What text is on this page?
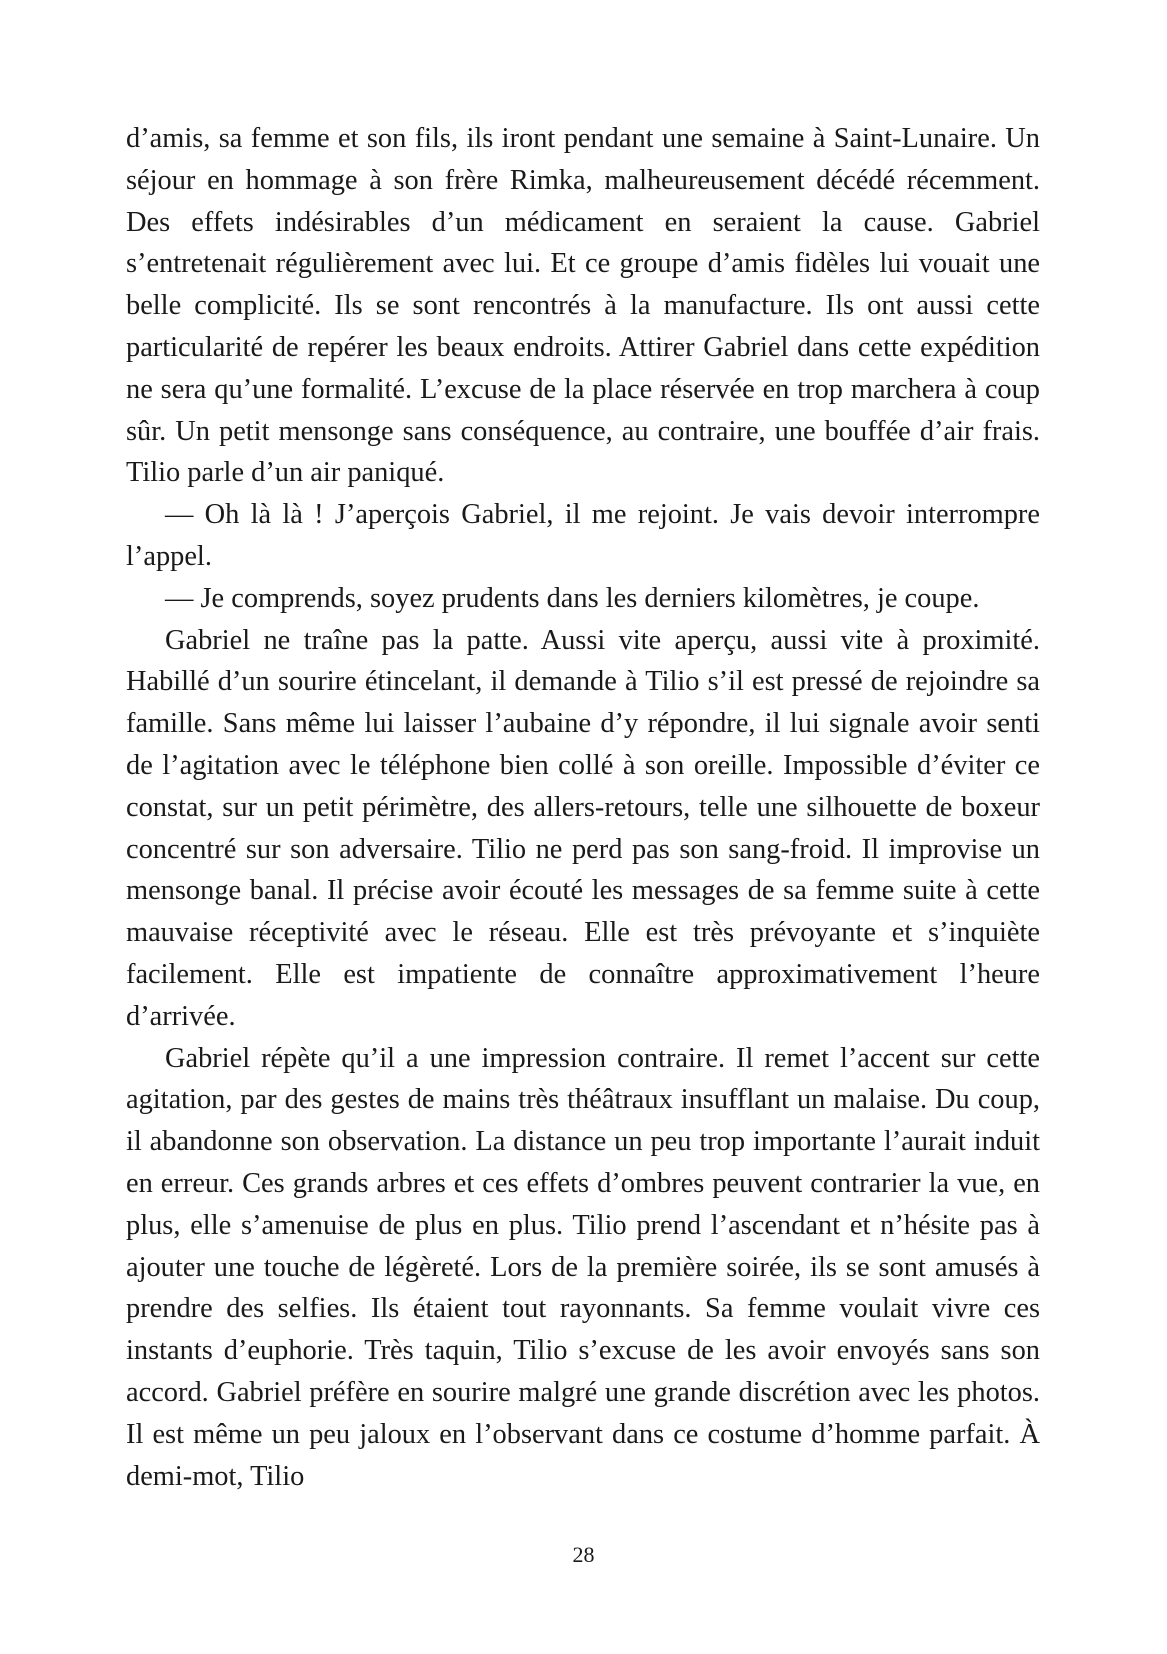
d’amis, sa femme et son fils, ils iront pendant une semaine à Saint-Lunaire. Un séjour en hommage à son frère Rimka, malheureusement décédé récemment. Des effets indésirables d’un médicament en seraient la cause. Gabriel s’entretenait régulièrement avec lui. Et ce groupe d’amis fidèles lui vouait une belle complicité. Ils se sont rencontrés à la manufacture. Ils ont aussi cette particularité de repérer les beaux endroits. Attirer Gabriel dans cette expédition ne sera qu’une formalité. L’excuse de la place réservée en trop marchera à coup sûr. Un petit mensonge sans conséquence, au contraire, une bouffée d’air frais. Tilio parle d’un air paniqué.

— Oh là là ! J’aperçois Gabriel, il me rejoint. Je vais devoir interrompre l’appel.

— Je comprends, soyez prudents dans les derniers kilomètres, je coupe.

Gabriel ne traîne pas la patte. Aussi vite aperçu, aussi vite à proximité. Habillé d’un sourire étincelant, il demande à Tilio s’il est pressé de rejoindre sa famille. Sans même lui laisser l’aubaine d’y répondre, il lui signale avoir senti de l’agitation avec le téléphone bien collé à son oreille. Impossible d’éviter ce constat, sur un petit périmètre, des allers-retours, telle une silhouette de boxeur concentré sur son adversaire. Tilio ne perd pas son sang-froid. Il improvise un mensonge banal. Il précise avoir écouté les messages de sa femme suite à cette mauvaise réceptivité avec le réseau. Elle est très prévoyante et s’inquiète facilement. Elle est impatiente de connaître approximativement l’heure d’arrivée.

Gabriel répète qu’il a une impression contraire. Il remet l’accent sur cette agitation, par des gestes de mains très théâtraux insufflant un malaise. Du coup, il abandonne son observation. La distance un peu trop importante l’aurait induit en erreur. Ces grands arbres et ces effets d’ombres peuvent contrarier la vue, en plus, elle s’amenuise de plus en plus. Tilio prend l’ascendant et n’hésite pas à ajouter une touche de légèreté. Lors de la première soirée, ils se sont amusés à prendre des selfies. Ils étaient tout rayonnants. Sa femme voulait vivre ces instants d’euphorie. Très taquin, Tilio s’excuse de les avoir envoyés sans son accord. Gabriel préfère en sourire malgré une grande discrétion avec les photos. Il est même un peu jaloux en l’observant dans ce costume d’homme parfait. À demi-mot, Tilio

28
